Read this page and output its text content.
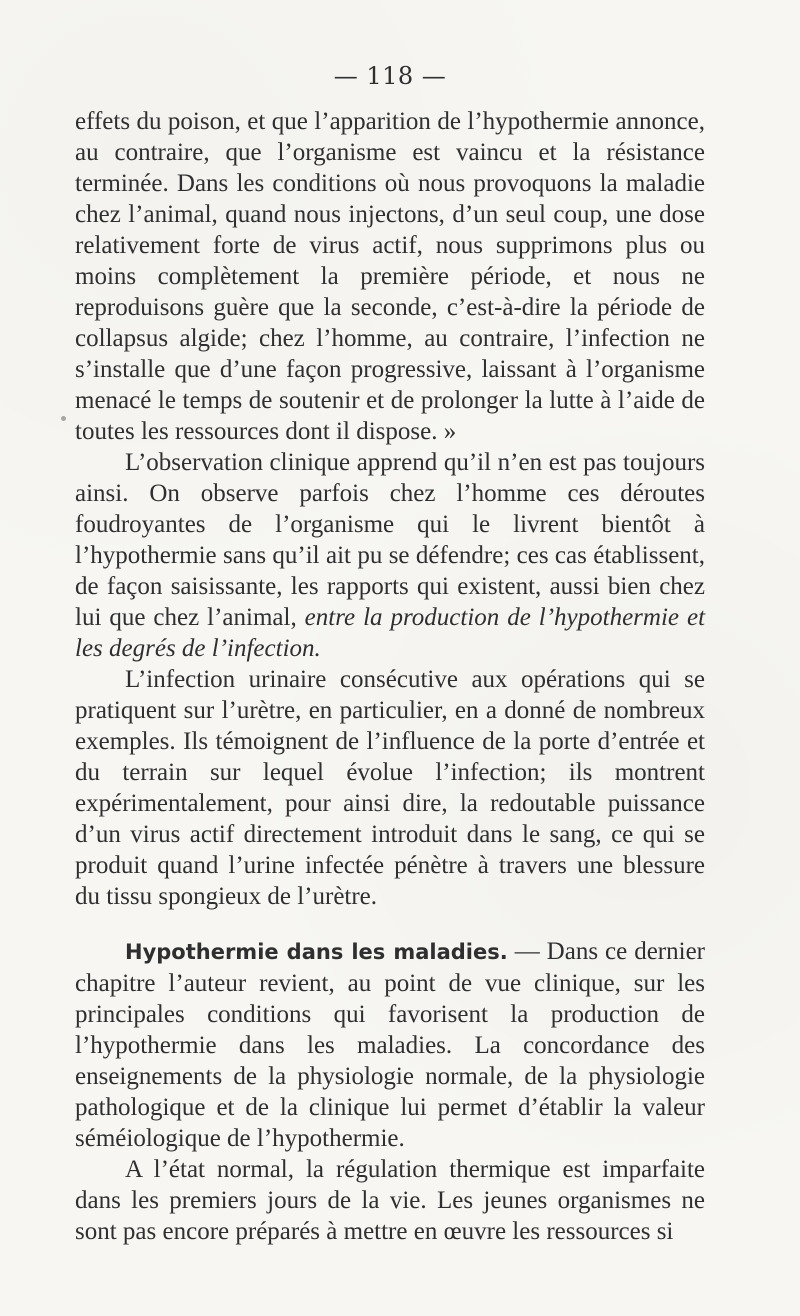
— 118 —

effets du poison, et que l’apparition de l’hypothermie annonce, au contraire, que l’organisme est vaincu et la résistance terminée. Dans les conditions où nous provoquons la maladie chez l’animal, quand nous injectons, d’un seul coup, une dose relativement forte de virus actif, nous supprimons plus ou moins complètement la première période, et nous ne reproduisons guère que la seconde, c’est-à-dire la période de collapsus algide; chez l’homme, au contraire, l’infection ne s’installe que d’une façon progressive, laissant à l’organisme menacé le temps de soutenir et de prolonger la lutte à l’aide de toutes les ressources dont il dispose. »

L’observation clinique apprend qu’il n’en est pas toujours ainsi. On observe parfois chez l’homme ces déroutes foudroyantes de l’organisme qui le livrent bientôt à l’hypothermie sans qu’il ait pu se défendre; ces cas établissent, de façon saisissante, les rapports qui existent, aussi bien chez lui que chez l’animal, entre la production de l’hypothermie et les degrés de l’infection.

L’infection urinaire consécutive aux opérations qui se pratiquent sur l’urètre, en particulier, en a donné de nombreux exemples. Ils témoignent de l’influence de la porte d’entrée et du terrain sur lequel évolue l’infection; ils montrent expérimentalement, pour ainsi dire, la redoutable puissance d’un virus actif directement introduit dans le sang, ce qui se produit quand l’urine infectée pénètre à travers une blessure du tissu spongieux de l’urètre.

Hypothermie dans les maladies. — Dans ce dernier chapitre l’auteur revient, au point de vue clinique, sur les principales conditions qui favorisent la production de l’hypothermie dans les maladies. La concordance des enseignements de la physiologie normale, de la physiologie pathologique et de la clinique lui permet d’établir la valeur séméiologique de l’hypothermie.

A l’état normal, la régulation thermique est imparfaite dans les premiers jours de la vie. Les jeunes organismes ne sont pas encore préparés à mettre en œuvre les ressources si
